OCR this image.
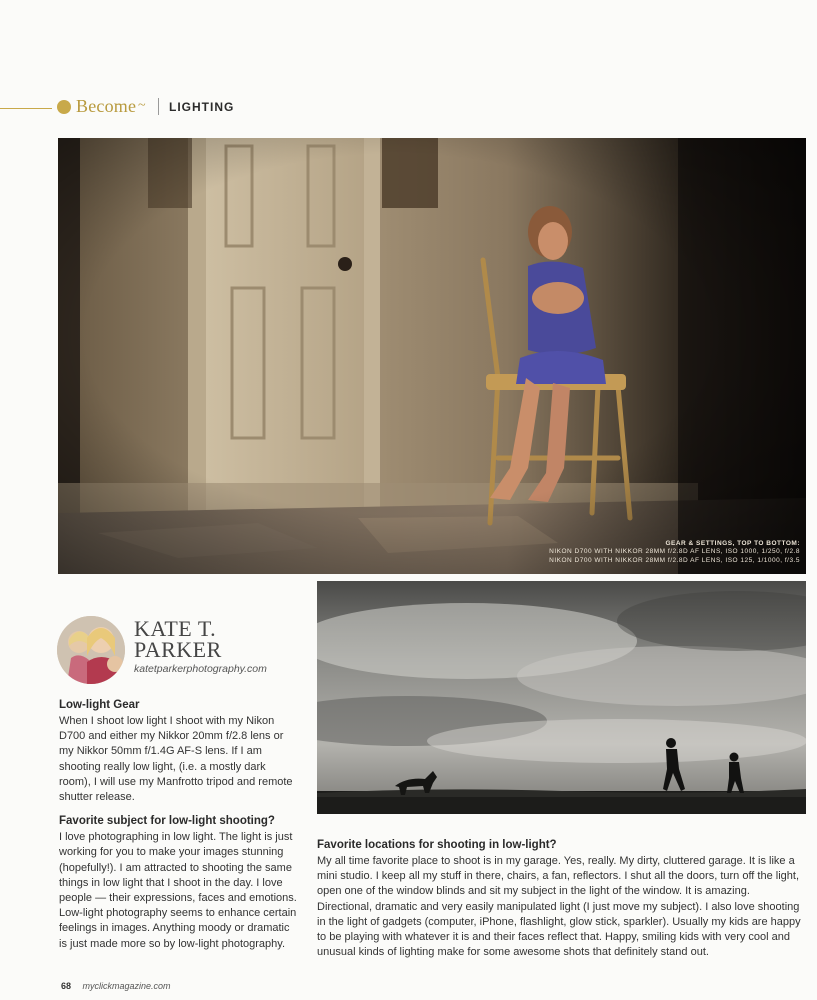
Become ~ LIGHTING
GEAR & SETTINGS, TOP TO BOTTOM:
NIKON D700 WITH NIKKOR 28MM f/2.8D AF LENS, ISO 1000, 1/250, f/2.8
NIKON D700 WITH NIKKOR 28MM f/2.8D AF LENS, ISO 125, 1/1000, f/3.5
KATE T.
PARKER
katetparkerphotography.com
Low-light Gear

When I shoot low light I shoot with my Nikon D700 and either my Nikkor 20mm f/2.8 lens or my Nikkor 50mm f/1.4G AF-S lens. If I am shooting really low light, (i.e. a mostly dark room), I will use my Manfrotto tripod and remote shutter release.

Favorite subject for low-light shooting?

I love photographing in low light. The light is just working for you to make your images stunning (hopefully!). I am attracted to shooting the same things in low light that I shoot in the day. I love people — their expressions, faces and emotions. Low-light photography seems to enhance certain feelings in images. Anything moody or dramatic is just made more so by low-light photography.

Favorite locations for shooting in low-light?

My all time favorite place to shoot is in my garage. Yes, really. My dirty, cluttered garage. It is like a mini studio. I keep all my stuff in there, chairs, a fan, reflectors. I shut all the doors, turn off the light, open one of the window blinds and sit my subject in the light of the window. It is amazing. Directional, dramatic and very easily manipulated light (I just move my subject). I also love shooting in the light of gadgets (computer, iPhone, flashlight, glow stick, sparkler). Usually my kids are happy to be playing with whatever it is and their faces reflect that. Happy, smiling kids with very cool and unusual kinds of lighting make for some awesome shots that definitely stand out.

68 myclickmagazine.com
